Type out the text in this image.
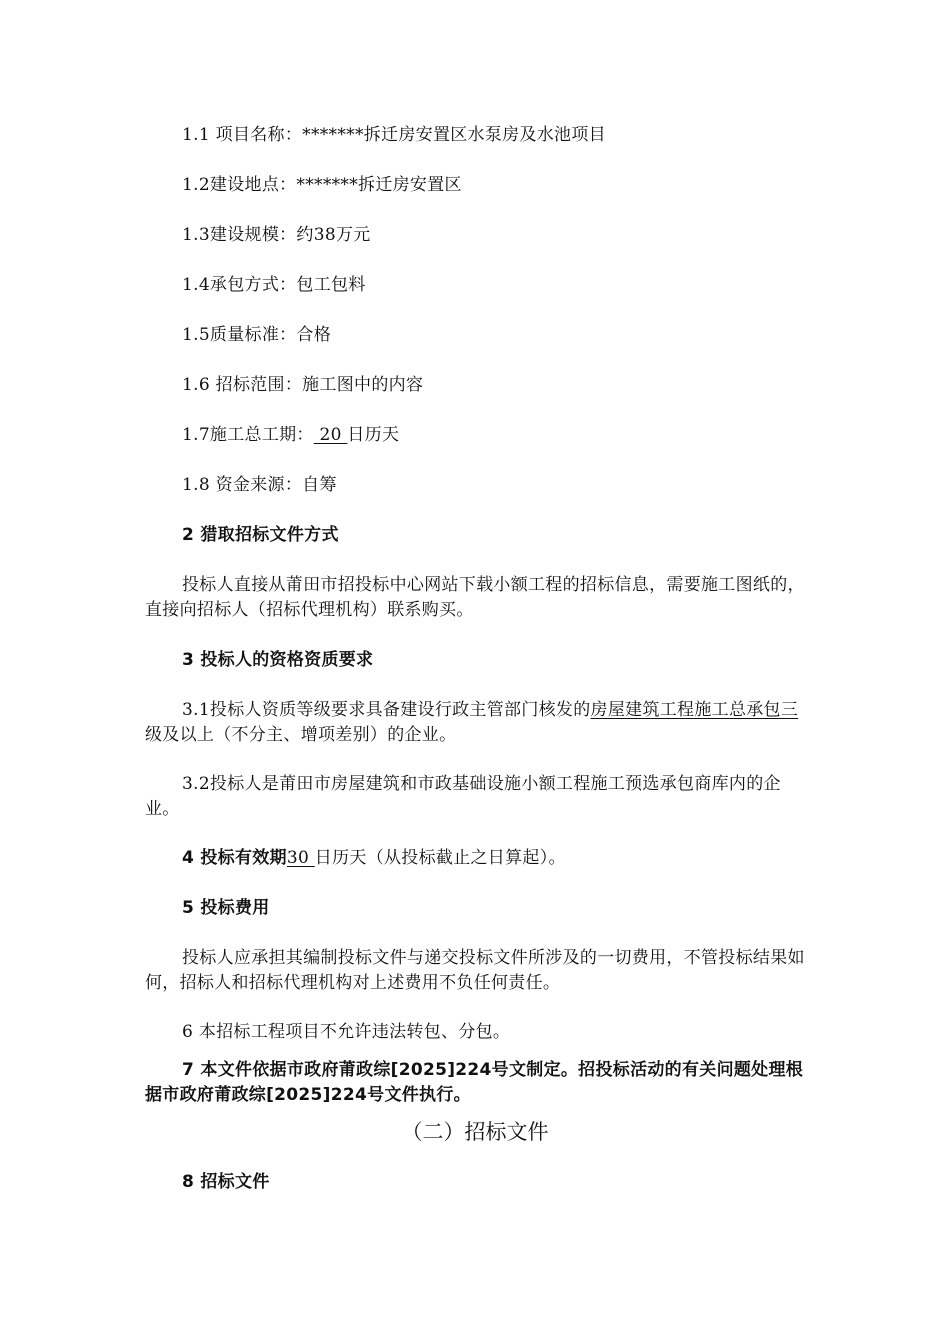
1.1 项目名称：*******拆迁房安置区水泵房及水池项目
1.2建设地点：*******拆迁房安置区
1.3建设规模：约38万元
1.4承包方式：包工包料
1.5质量标准：合格
1.6 招标范围：施工图中的内容
1.7施工总工期： 20 日历天
1.8 资金来源：自筹
2 猎取招标文件方式
投标人直接从莆田市招投标中心网站下载小额工程的招标信息，需要施工图纸的，直接向招标人（招标代理机构）联系购买。
3 投标人的资格资质要求
3.1投标人资质等级要求具备建设行政主管部门核发的房屋建筑工程施工总承包三级及以上（不分主、增项差别）的企业。
3.2投标人是莆田市房屋建筑和市政基础设施小额工程施工预选承包商库内的企业。
4 投标有效期30 日历天（从投标截止之日算起）。
5 投标费用
投标人应承担其编制投标文件与递交投标文件所涉及的一切费用，不管投标结果如何，招标人和招标代理机构对上述费用不负任何责任。
6 本招标工程项目不允许违法转包、分包。
7 本文件依据市政府莆政综[2025]224号文制定。招投标活动的有关问题处理根据市政府莆政综[2025]224号文件执行。
（二）招标文件
8 招标文件
